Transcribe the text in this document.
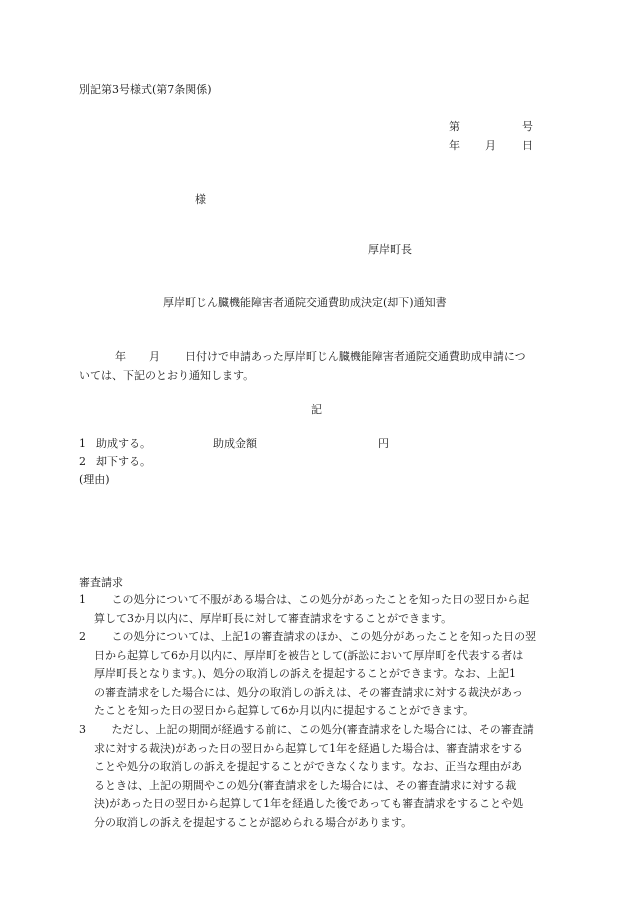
別記第3号様式(第7条関係)
第	号
年 月 日
様
厚岸町長
厚岸町じん臓機能障害者通院交通費助成決定(却下)通知書
年 月 日付けで申請あった厚岸町じん臓機能障害者通院交通費助成申請につ
いては、下記のとおり通知します。
記
1 助成する。	助成金額	円
2 却下する。
(理由)
審査請求
1 この処分について不服がある場合は、この処分があったことを知った日の翌日から起
算して3か月以内に、厚岸町長に対して審査請求をすることができます。
2 この処分については、上記1の審査請求のほか、この処分があったことを知った日の翌
日から起算して6か月以内に、厚岸町を被告として(訴訟において厚岸町を代表する者は
厚岸町長となります。)、処分の取消しの訴えを提起することができます。なお、上記1
の審査請求をした場合には、処分の取消しの訴えは、その審査請求に対する裁決があっ
たことを知った日の翌日から起算して6か月以内に提起することができます。
3 ただし、上記の期間が経過する前に、この処分(審査請求をした場合には、その審査請
求に対する裁決)があった日の翌日から起算して1年を経過した場合は、審査請求をする
ことや処分の取消しの訴えを提起することができなくなります。なお、正当な理由があ
るときは、上記の期間やこの処分(審査請求をした場合には、その審査請求に対する裁
決)があった日の翌日から起算して1年を経過した後であっても審査請求をすることや処
分の取消しの訴えを提起することが認められる場合があります。
